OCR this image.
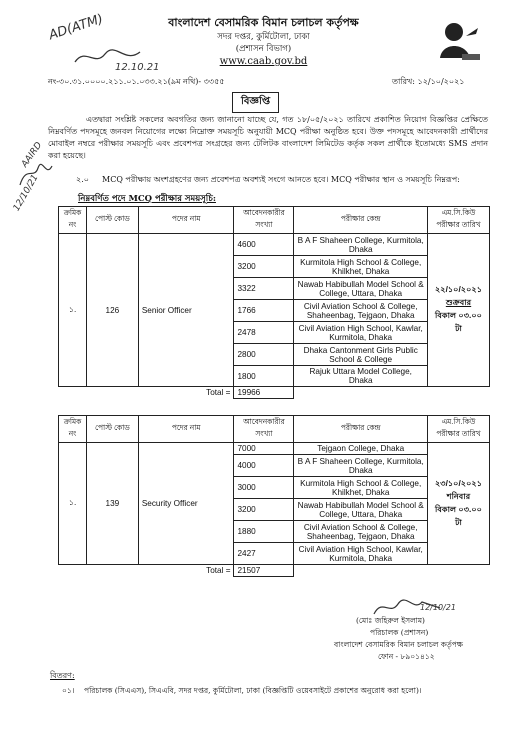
AD(ATM)
12.10.21
AAIRD
12/10/21
বাংলাদেশ বেসামরিক বিমান চলাচল কর্তৃপক্ষ
সদর দপ্তর, কুর্মিটোলা, ঢাকা
(প্রশাসন বিভাগ)
www.caab.gov.bd
নং-৩০.৩১.০০০০.২১১.০১.০৩৩.২১(৯ম নথি)- ৩৩৫৫	তারিখ: ১২/১০/২০২১
বিজ্ঞপ্তি
এতদ্বারা সংশ্লিষ্ট সকলের অবগতির জন্য জানানো যাচ্ছে যে, গত ১৮/০৫/২০২১ তারিখে প্রকাশিত নিয়োগ বিজ্ঞপ্তির প্রেক্ষিতে নিম্নবর্ণিত পদসমূহে জনবল নিয়োগের লক্ষ্যে নিম্নোক্ত সময়সূচি অনুযায়ী MCQ পরীক্ষা অনুষ্ঠিত হবে। উক্ত পদসমূহে আবেদনকারী প্রার্থীদের মোবাইল নম্বরে পরীক্ষার সময়সূচি এবং প্রবেশপত্র সংগ্রহের জন্য টেলিটক বাংলাদেশ লিমিটেড কর্তৃক সকল প্রার্থীকে ইতোমধ্যে SMS প্রদান করা হয়েছে।
২.০ MCQ পরীক্ষায় অংশগ্রহণের জন্য প্রবেশপত্র অবশ্যই সংগে আনতে হবে। MCQ পরীক্ষার স্থান ও সময়সূচি নিম্নরূপ:
নিম্নবর্ণিত পদে MCQ পরীক্ষার সময়সূচি:
ক্রমিক নং	পোস্ট কোড	পদের নাম	আবেদনকারীর সংখ্যা	পরীক্ষার কেন্দ্র	এম.সি.কিউ পরীক্ষার তারিখ
১.	126	Senior Officer	4600	B A F Shaheen College, Kurmitola, Dhaka	২২/১০/২০২১
শুক্রবার
বিকাল ০৩.০০ টা

			3200	Kurmitola High School & College, Khilkhet, Dhaka	
			3322	Nawab Habibullah Model School & College, Uttara, Dhaka	
			1766	Civil Aviation School & College, Shaheenbag, Tejgaon, Dhaka	
			2478	Civil Aviation High School, Kawlar, Kurmitola, Dhaka	
			2800	Dhaka Cantonment Girls Public School & College	
			1800	Rajuk Uttara Model College, Dhaka	
Total =			19966		
ক্রমিক নং	পোস্ট কোড	পদের নাম	আবেদনকারীর সংখ্যা	পরীক্ষার কেন্দ্র	এম.সি.কিউ পরীক্ষার তারিখ
১.	139	Security Officer	7000	Tejgaon College, Dhaka	২৩/১০/২০২১
শনিবার
বিকাল ০৩.০০ টা

			4000	B A F Shaheen College, Kurmitola, Dhaka	
			3000	Kurmitola High School & College, Khilkhet, Dhaka	
			3200	Nawab Habibullah Model School & College, Uttara, Dhaka	
			1880	Civil Aviation School & College, Shaheenbag, Tejgaon, Dhaka	
			2427	Civil Aviation High School, Kawlar, Kurmitola, Dhaka	
Total =			21507		
12/10/21
(মোঃ জহিরুল ইসলাম)
পরিচালক (প্রশাসন)
বাংলাদেশ বেসামরিক বিমান চলাচল কর্তৃপক্ষ
ফোন - ৮৯০১৪১২
বিতরণ:
০১। পরিচালক (সিএএস), সিএএবি, সদর দপ্তর, কুর্মিটোলা, ঢাকা (বিজ্ঞপ্তিটি ওয়েবসাইটে প্রকাশের অনুরোধ করা হলো)।
